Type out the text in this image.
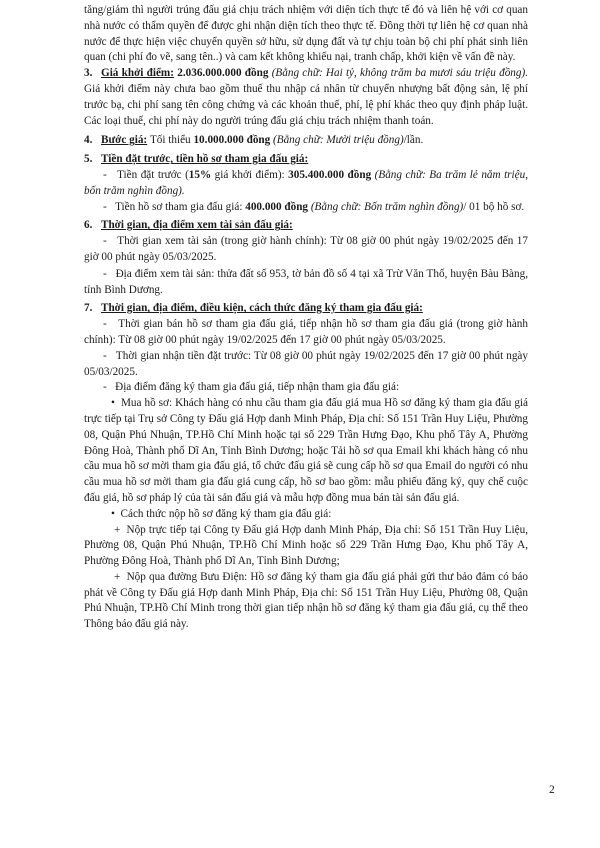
tăng/giảm thì người trúng đấu giá chịu trách nhiệm với diện tích thực tế đó và liên hệ với cơ quan nhà nước có thẩm quyền để được ghi nhận diện tích theo thực tế. Đồng thời tự liên hệ cơ quan nhà nước để thực hiện việc chuyển quyền sở hữu, sử dụng đất và tự chịu toàn bộ chi phí phát sinh liên quan (chi phí đo vẽ, sang tên..) và cam kết không khiếu nại, tranh chấp, khởi kiện về vấn đề này.

3. Giá khởi điểm: 2.036.000.000 đồng (Bằng chữ: Hai tỷ, không trăm ba mươi sáu triệu đồng). Giá khởi điểm này chưa bao gồm thuế thu nhập cá nhân từ chuyển nhượng bất động sản, lệ phí trước bạ, chi phí sang tên công chứng và các khoản thuế, phí, lệ phí khác theo quy định pháp luật. Các loại thuế, chi phí này do người trúng đấu giá chịu trách nhiệm thanh toán.

4. Bước giá: Tối thiểu 10.000.000 đồng (Bằng chữ: Mười triệu đồng)/lần.

5. Tiền đặt trước, tiền hồ sơ tham gia đấu giá:

-   Tiền đặt trước (15% giá khởi điểm): 305.400.000 đồng (Bằng chữ: Ba trăm lẻ năm triệu, bốn trăm nghìn đồng).

-   Tiền hồ sơ tham gia đấu giá: 400.000 đồng (Bằng chữ: Bốn trăm nghìn đồng)/ 01 bộ hồ sơ.

6. Thời gian, địa điểm xem tài sản đấu giá:

-   Thời gian xem tài sản (trong giờ hành chính): Từ 08 giờ 00 phút ngày 19/02/2025 đến 17 giờ 00 phút ngày 05/03/2025.

-   Địa điểm xem tài sản: thửa đất số 953, tờ bản đồ số 4 tại xã Trừ Văn Thố, huyện Bàu Bàng, tỉnh Bình Dương.

7. Thời gian, địa điểm, điều kiện, cách thức đăng ký tham gia đấu giá:

-   Thời gian bán hồ sơ tham gia đấu giá, tiếp nhận hồ sơ tham gia đấu giá (trong giờ hành chính): Từ 08 giờ 00 phút ngày 19/02/2025 đến 17 giờ 00 phút ngày 05/03/2025.

-   Thời gian nhận tiền đặt trước: Từ 08 giờ 00 phút ngày 19/02/2025 đến 17 giờ 00 phút ngày 05/03/2025.

-   Địa điểm đăng ký tham gia đấu giá, tiếp nhận tham gia đấu giá:

•  Mua hồ sơ: Khách hàng có nhu cầu tham gia đấu giá mua Hồ sơ đăng ký tham gia đấu giá trực tiếp tại Trụ sở Công ty Đấu giá Hợp danh Minh Pháp, Địa chỉ: Số 151 Trần Huy Liệu, Phường 08, Quận Phú Nhuận, TP.Hồ Chí Minh hoặc tại số 229 Trần Hưng Đạo, Khu phố Tây A, Phường Đông Hoà, Thành phố Dĩ An, Tỉnh Bình Dương; hoặc Tải hồ sơ qua Email khi khách hàng có nhu cầu mua hồ sơ mời tham gia đấu giá, tổ chức đấu giá sẽ cung cấp hồ sơ qua Email do người có nhu cầu mua hồ sơ mời tham gia đấu giá cung cấp, hồ sơ bao gồm: mẫu phiếu đăng ký, quy chế cuộc đấu giá, hồ sơ pháp lý của tài sản đấu giá và mẫu hợp đồng mua bán tài sản đấu giá.

•  Cách thức nộp hồ sơ đăng ký tham gia đấu giá:

+  Nộp trực tiếp tại Công ty Đấu giá Hợp danh Minh Pháp, Địa chỉ: Số 151 Trần Huy Liệu, Phường 08, Quận Phú Nhuận, TP.Hồ Chí Minh hoặc số 229 Trần Hưng Đạo, Khu phố Tây A, Phường Đông Hoà, Thành phố Dĩ An, Tỉnh Bình Dương;

+  Nộp qua đường Bưu Điện: Hồ sơ đăng ký tham gia đấu giá phải gửi thư bảo đảm có báo phát về Công ty Đấu giá Hợp danh Minh Pháp, Địa chỉ: Số 151 Trần Huy Liệu, Phường 08, Quận Phú Nhuận, TP.Hồ Chí Minh trong thời gian tiếp nhận hồ sơ đăng ký tham gia đấu giá, cụ thể theo Thông báo đấu giá này.

2
